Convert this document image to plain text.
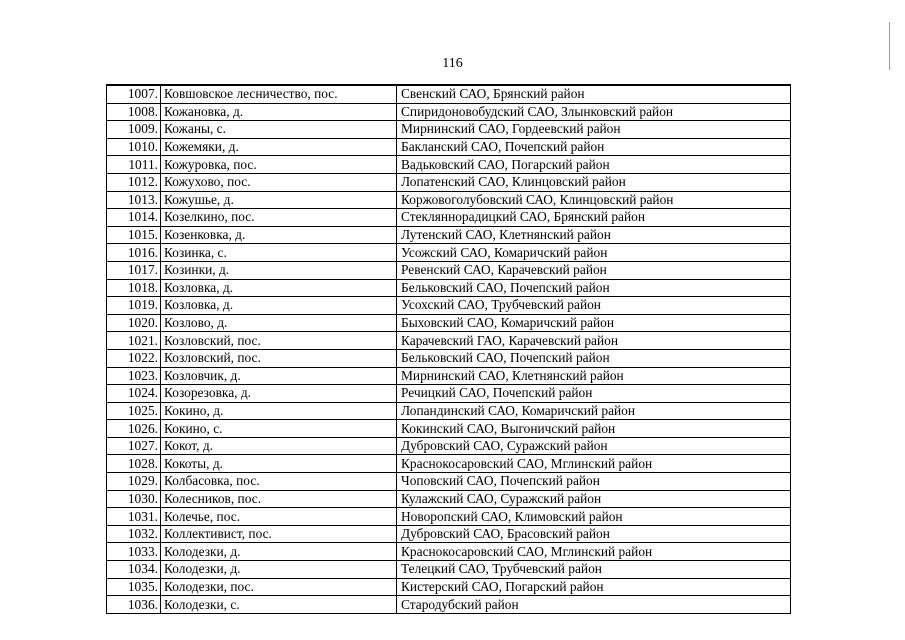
116
1007.	Ковшовское лесничество, пос.	Свенский САО, Брянский район
1008.	Кожановка, д.	Спиридоновобудский САО, Злынковский район
1009.	Кожаны, с.	Мирнинский САО, Гордеевский район
1010.	Кожемяки, д.	Бакланский САО, Почепский район
1011.	Кожуровка, пос.	Вадьковский САО, Погарский район
1012.	Кожухово, пос.	Лопатенский САО, Клинцовский район
1013.	Кожушье, д.	Коржовоголубовский САО, Клинцовский район
1014.	Козелкино, пос.	Стекляннорадицкий САО, Брянский район
1015.	Козенковка, д.	Лутенский САО, Клетнянский район
1016.	Козинка, с.	Усожский САО, Комаричский район
1017.	Козинки, д.	Ревенский САО, Карачевский район
1018.	Козловка, д.	Бельковский САО, Почепский район
1019.	Козловка, д.	Усохский САО, Трубчевский район
1020.	Козлово, д.	Быховский САО, Комаричский район
1021.	Козловский, пос.	Карачевский ГАО, Карачевский район
1022.	Козловский, пос.	Бельковский САО, Почепский район
1023.	Козловчик, д.	Мирнинский САО, Клетнянский район
1024.	Козорезовка, д.	Речицкий САО, Почепский район
1025.	Кокино, д.	Лопандинский САО, Комаричский район
1026.	Кокино, с.	Кокинский САО, Выгоничский район
1027.	Кокот, д.	Дубровский САО, Суражский район
1028.	Кокоты, д.	Краснокосаровский САО, Мглинский район
1029.	Колбасовка, пос.	Чоповский САО, Почепский район
1030.	Колесников, пос.	Кулажский САО, Суражский район
1031.	Колечье, пос.	Новоропский САО, Климовский район
1032.	Коллективист, пос.	Дубровский САО, Брасовский район
1033.	Колодезки, д.	Краснокосаровский САО, Мглинский район
1034.	Колодезки, д.	Телецкий САО, Трубчевский район
1035.	Колодезки, пос.	Кистерский САО, Погарский район
1036.	Колодезки, с.	Стародубский район
